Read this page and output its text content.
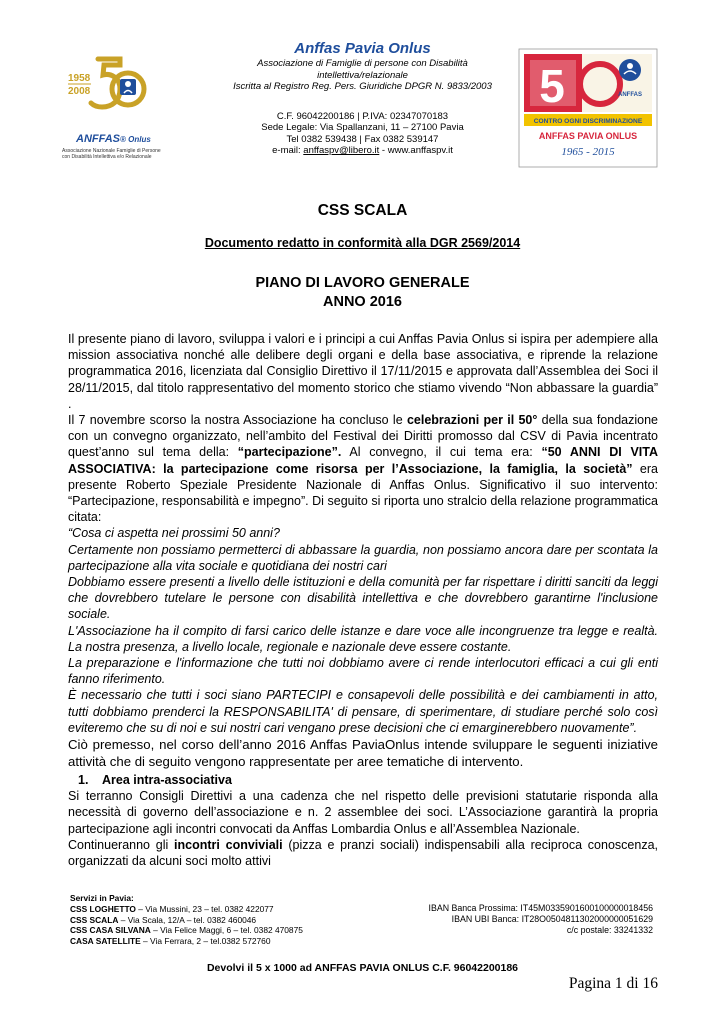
1958
2008
ANFFAS® Onlus
Associazione Nazionale Famiglie di Persone
con Disabilità Intellettiva e/o Relazionale
Anffas Pavia Onlus
Associazione di Famiglie di persone con Disabilità
intellettiva/relazionale
Iscritta al Registro Reg. Pers. Giuridiche DPGR N. 9833/2003
C.F. 96042200186 | P.IVA: 02347070183
Sede Legale: Via Spallanzani, 11 – 27100 Pavia
Tel 0382 539438 | Fax 0382 539147
e-mail: anffaspv@libero.it - www.anffaspv.it
5	ANFFAS
CONTRO OGNI DISCRIMINAZIONE
ANFFAS PAVIA ONLUS
1965 - 2015
CSS SCALA
Documento redatto in conformità alla DGR 2569/2014
PIANO DI LAVORO GENERALE
ANNO 2016

Il presente piano di lavoro, sviluppa i valori e i principi a cui Anffas Pavia Onlus si ispira per adempiere alla mission associativa nonché alle delibere degli organi e della base associativa, e riprende la relazione programmatica 2016, licenziata dal Consiglio Direttivo il 17/11/2015 e approvata dall’Assemblea dei Soci il 28/11/2015, dal titolo rappresentativo del momento storico che stiamo vivendo “Non abbassare la guardia” .

Il 7 novembre scorso la nostra Associazione ha concluso le celebrazioni per il 50° della sua fondazione con un convegno organizzato, nell’ambito del Festival dei Diritti promosso dal CSV di Pavia incentrato quest’anno sul tema della: “partecipazione”. Al convegno, il cui tema era: “50 ANNI DI VITA ASSOCIATIVA: la partecipazione come risorsa per l’Associazione, la famiglia, la società” era presente Roberto Speziale Presidente Nazionale di Anffas Onlus. Significativo il suo intervento: “Partecipazione, responsabilità e impegno”. Di seguito si riporta uno stralcio della relazione programmatica citata:

“Cosa ci aspetta nei prossimi 50 anni?

Certamente non possiamo permetterci di abbassare la guardia, non possiamo ancora dare per scontata la partecipazione alla vita sociale e quotidiana dei nostri cari

Dobbiamo essere presenti a livello delle istituzioni e della comunità per far rispettare i diritti sanciti da leggi che dovrebbero tutelare le persone con disabilità intellettiva e che dovrebbero garantirne l'inclusione sociale.

L'Associazione ha il compito di farsi carico delle istanze e dare voce alle incongruenze tra legge e realtà. La nostra presenza, a livello locale, regionale e nazionale deve essere costante.

La preparazione e l'informazione che tutti noi dobbiamo avere ci rende interlocutori efficaci a cui gli enti fanno riferimento.

È necessario che tutti i soci siano PARTECIPI e consapevoli delle possibilità e dei cambiamenti in atto, tutti dobbiamo prenderci la RESPONSABILITA' di pensare, di sperimentare, di studiare perché solo così eviteremo che su di noi e sui nostri cari vengano prese decisioni che ci emarginerebbero nuovamente”.

Ciò premesso, nel corso dell’anno 2016 Anffas PaviaOnlus intende sviluppare le seguenti iniziative attività che di seguito vengono rappresentate per aree tematiche di intervento.

1. Area intra-associativa

Si terranno Consigli Direttivi a una cadenza che nel rispetto delle previsioni statutarie risponda alla necessità di governo dell’associazione e n. 2 assemblee dei soci. L’Associazione garantirà la propria partecipazione agli incontri convocati da Anffas Lombardia Onlus e all’Assemblea Nazionale.

Continueranno gli incontri conviviali (pizza e pranzi sociali) indispensabili alla reciproca conoscenza, organizzati da alcuni soci molto attivi

Servizi in Pavia:
CSS LOGHETTO – Via Mussini, 23 – tel. 0382 422077
CSS SCALA – Via Scala, 12/A – tel. 0382 460046
CSS CASA SILVANA – Via Felice Maggi, 6 – tel. 0382 470875
CASA SATELLITE – Via Ferrara, 2 – tel.0382 572760
IBAN Banca Prossima: IT45M0335901600100000018456
IBAN UBI Banca: IT28O0504811302000000051629
c/c postale: 33241332
Devolvi il 5 x 1000 ad ANFFAS PAVIA ONLUS C.F. 96042200186
Pagina 1 di 16
